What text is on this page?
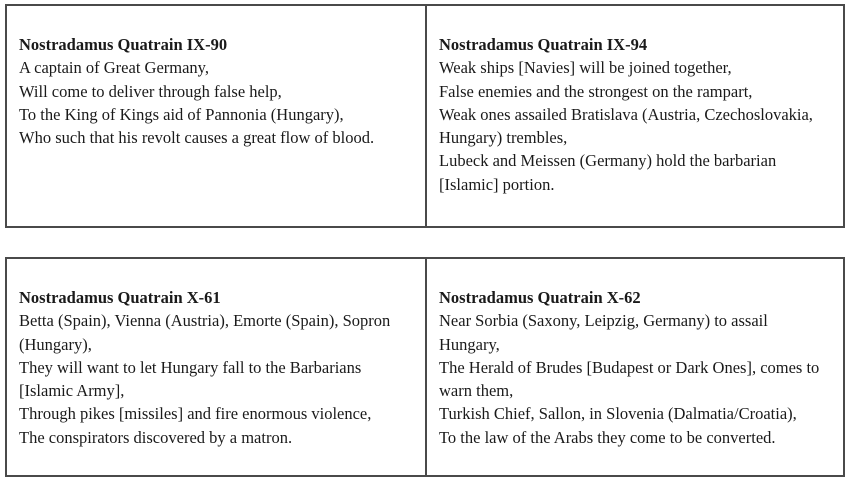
Nostradamus Quatrain IX-90
A captain of Great Germany,
Will come to deliver through false help,
To the King of Kings aid of Pannonia (Hungary),
Who such that his revolt causes a great flow of blood.
Nostradamus Quatrain IX-94
Weak ships [Navies] will be joined together,
False enemies and the strongest on the rampart,
Weak ones assailed Bratislava (Austria, Czechoslovakia, Hungary) trembles,
Lubeck and Meissen (Germany) hold the barbarian [Islamic] portion.
Nostradamus Quatrain X-61
Betta (Spain), Vienna (Austria), Emorte (Spain), Sopron (Hungary),
They will want to let Hungary fall to the Barbarians [Islamic Army],
Through pikes [missiles] and fire enormous violence,
The conspirators discovered by a matron.
Nostradamus Quatrain X-62
Near Sorbia (Saxony, Leipzig, Germany) to assail Hungary,
The Herald of Brudes [Budapest or Dark Ones], comes to warn them,
Turkish Chief, Sallon, in Slovenia (Dalmatia/Croatia),
To the law of the Arabs they come to be converted.
